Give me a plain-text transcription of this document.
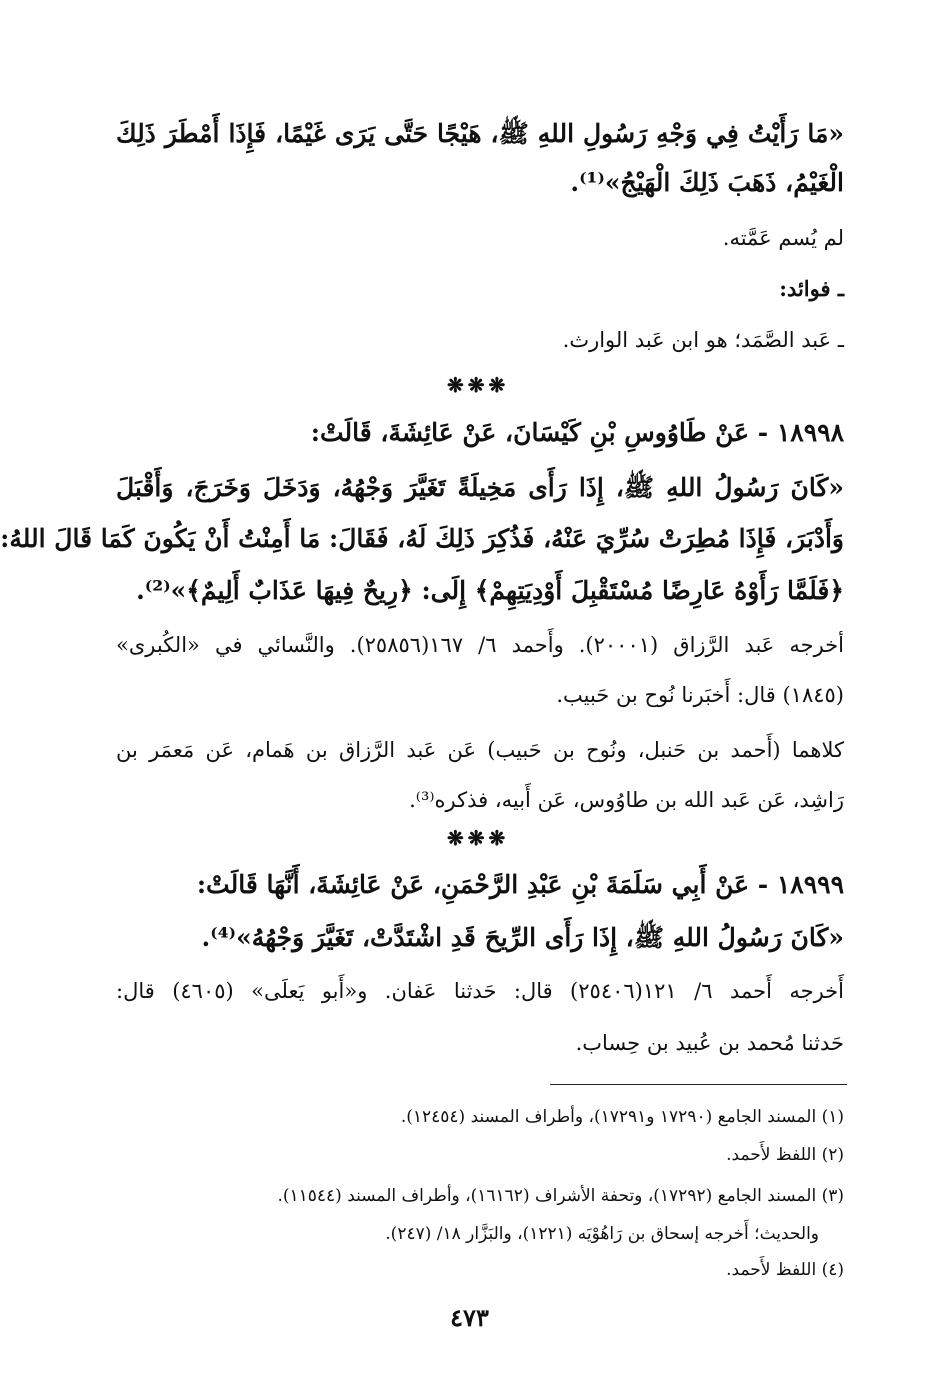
«مَا رَأَيْتُ فِي وَجْهِ رَسُولِ اللهِ ﷺ، هَيْجًا حَتَّى يَرَى غَيْمًا، فَإِذَا أَمْطَرَ ذَلِكَ
الْغَيْمُ، ذَهَبَ ذَلِكَ الْهَيْجُ»⁽¹⁾.
لم يُسم عَمَّته.
ـ فوائد:
ـ عَبد الصَّمَد؛ هو ابن عَبد الوارث.
❋❋❋
١٨٩٩٨ - عَنْ طَاوُوسِ بْنِ كَيْسَانَ، عَنْ عَائِشَةَ، قَالَتْ:
«كَانَ رَسُولُ اللهِ ﷺ، إِذَا رَأَى مَخِيلَةً تَغَيَّرَ وَجْهُهُ، وَدَخَلَ وَخَرَجَ، وَأَقْبَلَ
وَأَدْبَرَ، فَإِذَا مُطِرَتْ سُرِّيَ عَنْهُ، فَذُكِرَ ذَلِكَ لَهُ، فَقَالَ: مَا أَمِنْتُ أَنْ يَكُونَ كَمَا قَالَ اللهُ:
﴿فَلَمَّا رَأَوْهُ عَارِضًا مُسْتَقْبِلَ أَوْدِيَتِهِمْ﴾ إِلَى: ﴿رِيحٌ فِيهَا عَذَابٌ أَلِيمٌ﴾»⁽²⁾.
أخرجه عَبد الرَّزاق (٢٠٠٠١). وأَحمد ٦/ ١٦٧(٢٥٨٥٦). والنَّسائي في «الكُبرى»
(١٨٤٥) قال: أَخبَرنا نُوح بن حَبيب.
كلاهما (أَحمد بن حَنبل، ونُوح بن حَبيب) عَن عَبد الرَّزاق بن هَمام، عَن مَعمَر بن
رَاشِد، عَن عَبد الله بن طاوُوس، عَن أَبيه، فذكره⁽³⁾.
❋❋❋
١٨٩٩٩ - عَنْ أَبِي سَلَمَةَ بْنِ عَبْدِ الرَّحْمَنِ، عَنْ عَائِشَةَ، أَنَّهَا قَالَتْ:
«كَانَ رَسُولُ اللهِ ﷺ، إِذَا رَأَى الرِّيحَ قَدِ اشْتَدَّتْ، تَغَيَّرَ وَجْهُهُ»⁽⁴⁾.
أَخرجه أَحمد ٦/ ١٢١(٢٥٤٠٦) قال: حَدثنا عَفان. و«أَبو يَعلَى» (٤٦٠٥) قال:
حَدثنا مُحمد بن عُبيد بن حِساب.
(١) المسند الجامع (١٧٢٩٠ و١٧٢٩١)، وأطراف المسند (١٢٤٥٤).
(٢) اللفظ لأَحمد.
(٣) المسند الجامع (١٧٢٩٢)، وتحفة الأشراف (١٦١٦٢)، وأطراف المسند (١١٥٤٤).
والحديث؛ أَخرجه إسحاق بن رَاهُوْيَه (١٢٢١)، والبَزَّار ١٨/ (٢٤٧).
(٤) اللفظ لأَحمد.
٤٧٣
